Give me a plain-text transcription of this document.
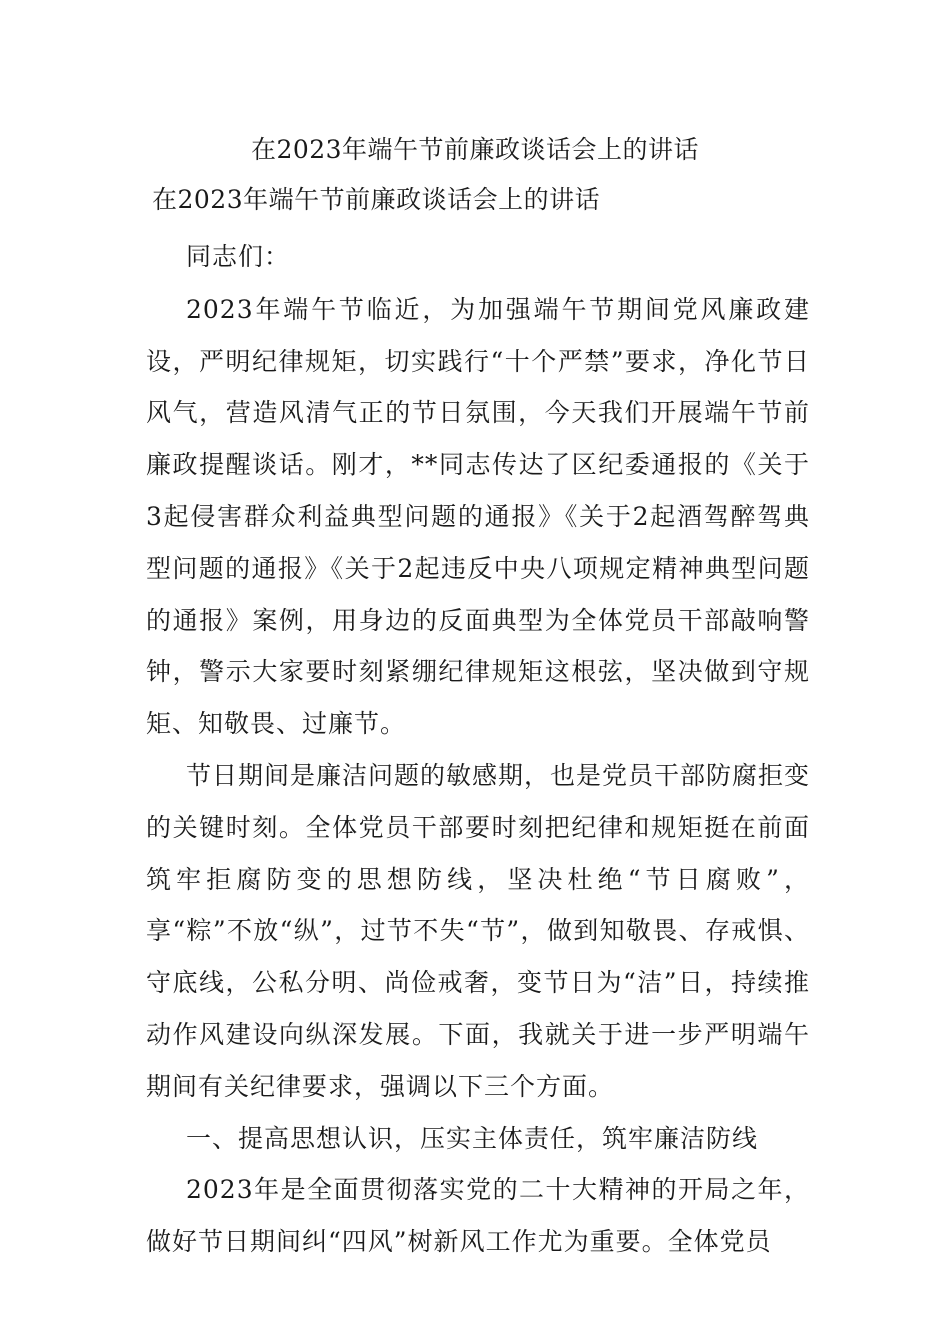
在2023年端午节前廉政谈话会上的讲话

在2023年端午节前廉政谈话会上的讲话

同志们：

2023年端午节临近，为加强端午节期间党风廉政建设，严明纪律规矩，切实践行“十个严禁”要求，净化节日风气，营造风清气正的节日氛围，今天我们开展端午节前廉政提醒谈话。刚才，**同志传达了区纪委通报的《关于3起侵害群众利益典型问题的通报》《关于2起酒驾醉驾典型问题的通报》《关于2起违反中央八项规定精神典型问题的通报》案例，用身边的反面典型为全体党员干部敲响警钟，警示大家要时刻紧绷纪律规矩这根弦，坚决做到守规矩、知敬畏、过廉节。

节日期间是廉洁问题的敏感期，也是党员干部防腐拒变的关键时刻。全体党员干部要时刻把纪律和规矩挺在前面筑牢拒腐防变的思想防线，坚决杜绝“节日腐败”，享“粽”不放“纵”，过节不失“节”，做到知敬畏、存戒惧、守底线，公私分明、尚俭戒奢，变节日为“洁”日，持续推动作风建设向纵深发展。下面，我就关于进一步严明端午期间有关纪律要求，强调以下三个方面。

一、提高思想认识，压实主体责任，筑牢廉洁防线

2023年是全面贯彻落实党的二十大精神的开局之年，做好节日期间纠“四风”树新风工作尤为重要。全体党员
